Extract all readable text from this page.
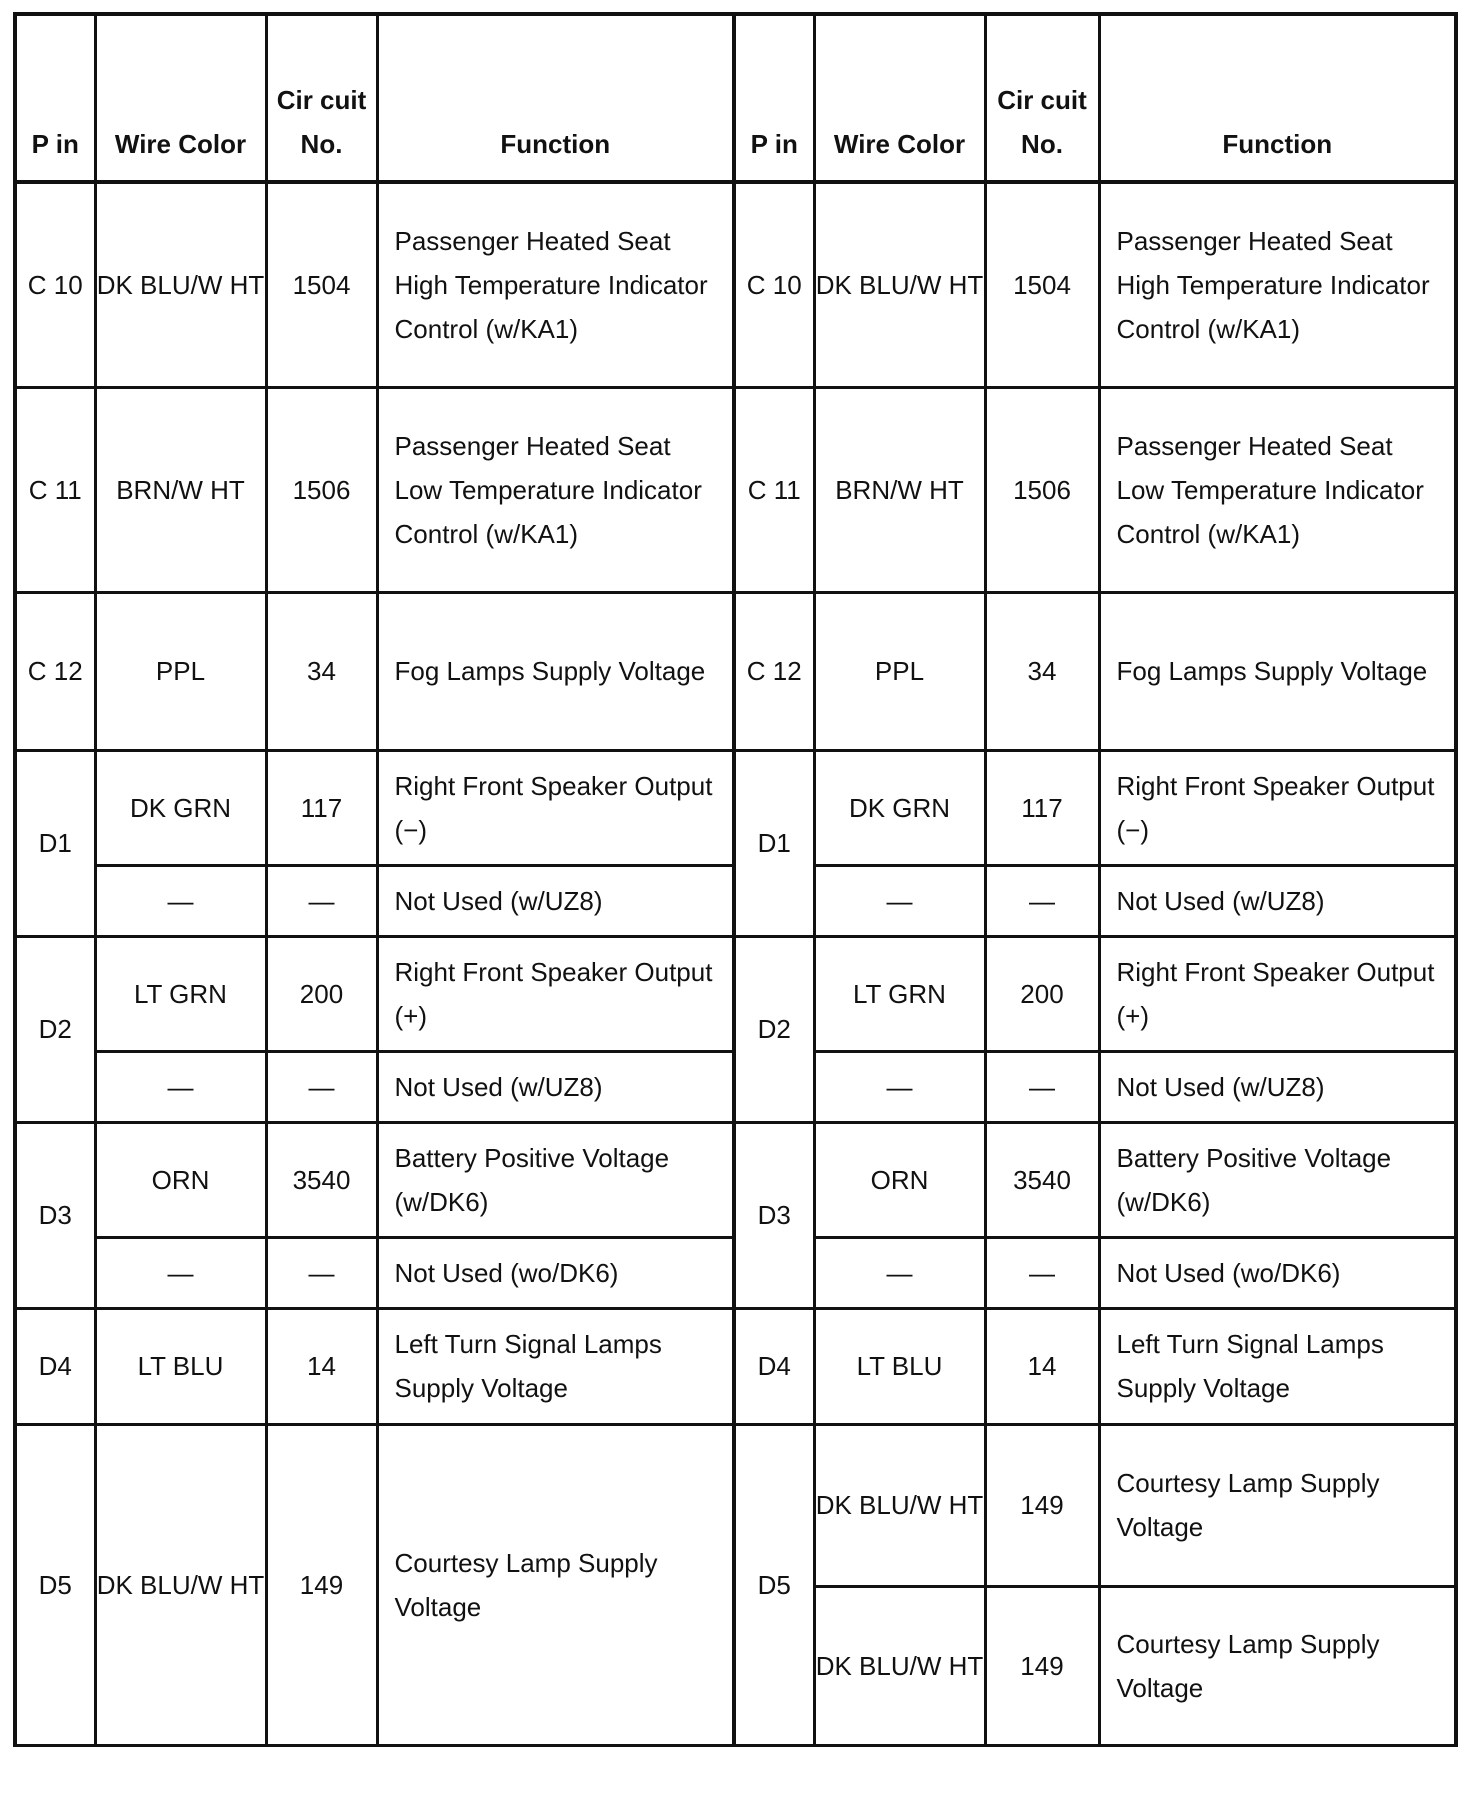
P in	Wire Color	Cir cuit No.	Function	P in	Wire Color	Cir cuit No.	Function
C 10	DK BLU/W HT	1504	Passenger Heated Seat High Temperature Indicator Control (w/KA1)	C 10	DK BLU/W HT	1504	Passenger Heated Seat High Temperature Indicator Control (w/KA1)
C 11	BRN/W HT	1506	Passenger Heated Seat Low Temperature Indicator Control (w/KA1)	C 11	BRN/W HT	1506	Passenger Heated Seat Low Temperature Indicator Control (w/KA1)
C 12	PPL	34	Fog Lamps Supply Voltage	C 12	PPL	34	Fog Lamps Supply Voltage
D1	DK GRN	117	Right Front Speaker Output (−)	D1	DK GRN	117	Right Front Speaker Output (−)
	—	—	Not Used (w/UZ8)		—	—	Not Used (w/UZ8)
D2	LT GRN	200	Right Front Speaker Output (+)	D2	LT GRN	200	Right Front Speaker Output (+)
	—	—	Not Used (w/UZ8)		—	—	Not Used (w/UZ8)
D3	ORN	3540	Battery Positive Voltage (w/DK6)	D3	ORN	3540	Battery Positive Voltage (w/DK6)
	—	—	Not Used (wo/DK6)		—	—	Not Used (wo/DK6)
D4	LT BLU	14	Left Turn Signal Lamps Supply Voltage	D4	LT BLU	14	Left Turn Signal Lamps Supply Voltage
D5	DK BLU/W HT	149	Courtesy Lamp Supply Voltage	D5	DK BLU/W HT	149	Courtesy Lamp Supply Voltage
					DK BLU/W HT	149	Courtesy Lamp Supply Voltage
